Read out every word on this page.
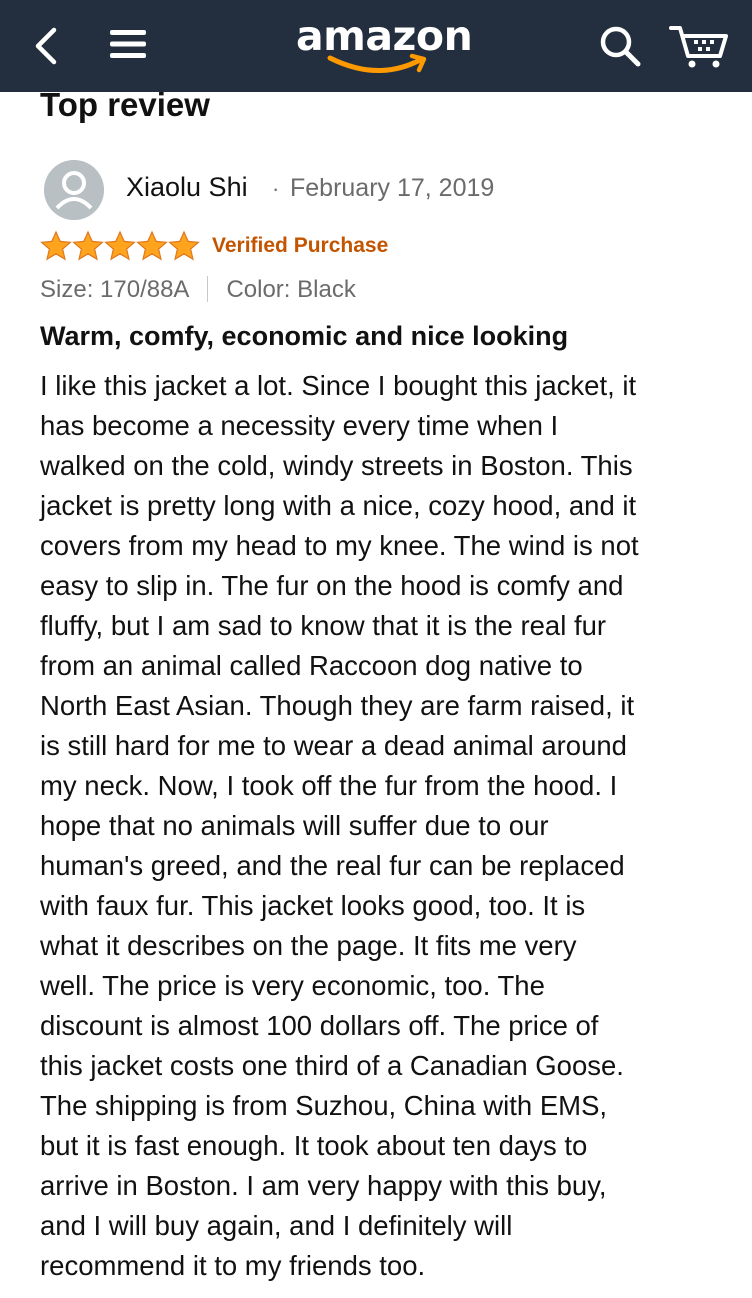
amazon
Top review
Xiaolu Shi · February 17, 2019
Verified Purchase
Size: 170/88A Color: Black
Warm, comfy, economic and nice looking
I like this jacket a lot. Since I bought this jacket, it
has become a necessity every time when I
walked on the cold, windy streets in Boston. This
jacket is pretty long with a nice, cozy hood, and it
covers from my head to my knee. The wind is not
easy to slip in. The fur on the hood is comfy and
fluffy, but I am sad to know that it is the real fur
from an animal called Raccoon dog native to
North East Asian. Though they are farm raised, it
is still hard for me to wear a dead animal around
my neck. Now, I took off the fur from the hood. I
hope that no animals will suffer due to our
human's greed, and the real fur can be replaced
with faux fur. This jacket looks good, too. It is
what it describes on the page. It fits me very
well. The price is very economic, too. The
discount is almost 100 dollars off. The price of
this jacket costs one third of a Canadian Goose.
The shipping is from Suzhou, China with EMS,
but it is fast enough. It took about ten days to
arrive in Boston. I am very happy with this buy,
and I will buy again, and I definitely will
recommend it to my friends too.
